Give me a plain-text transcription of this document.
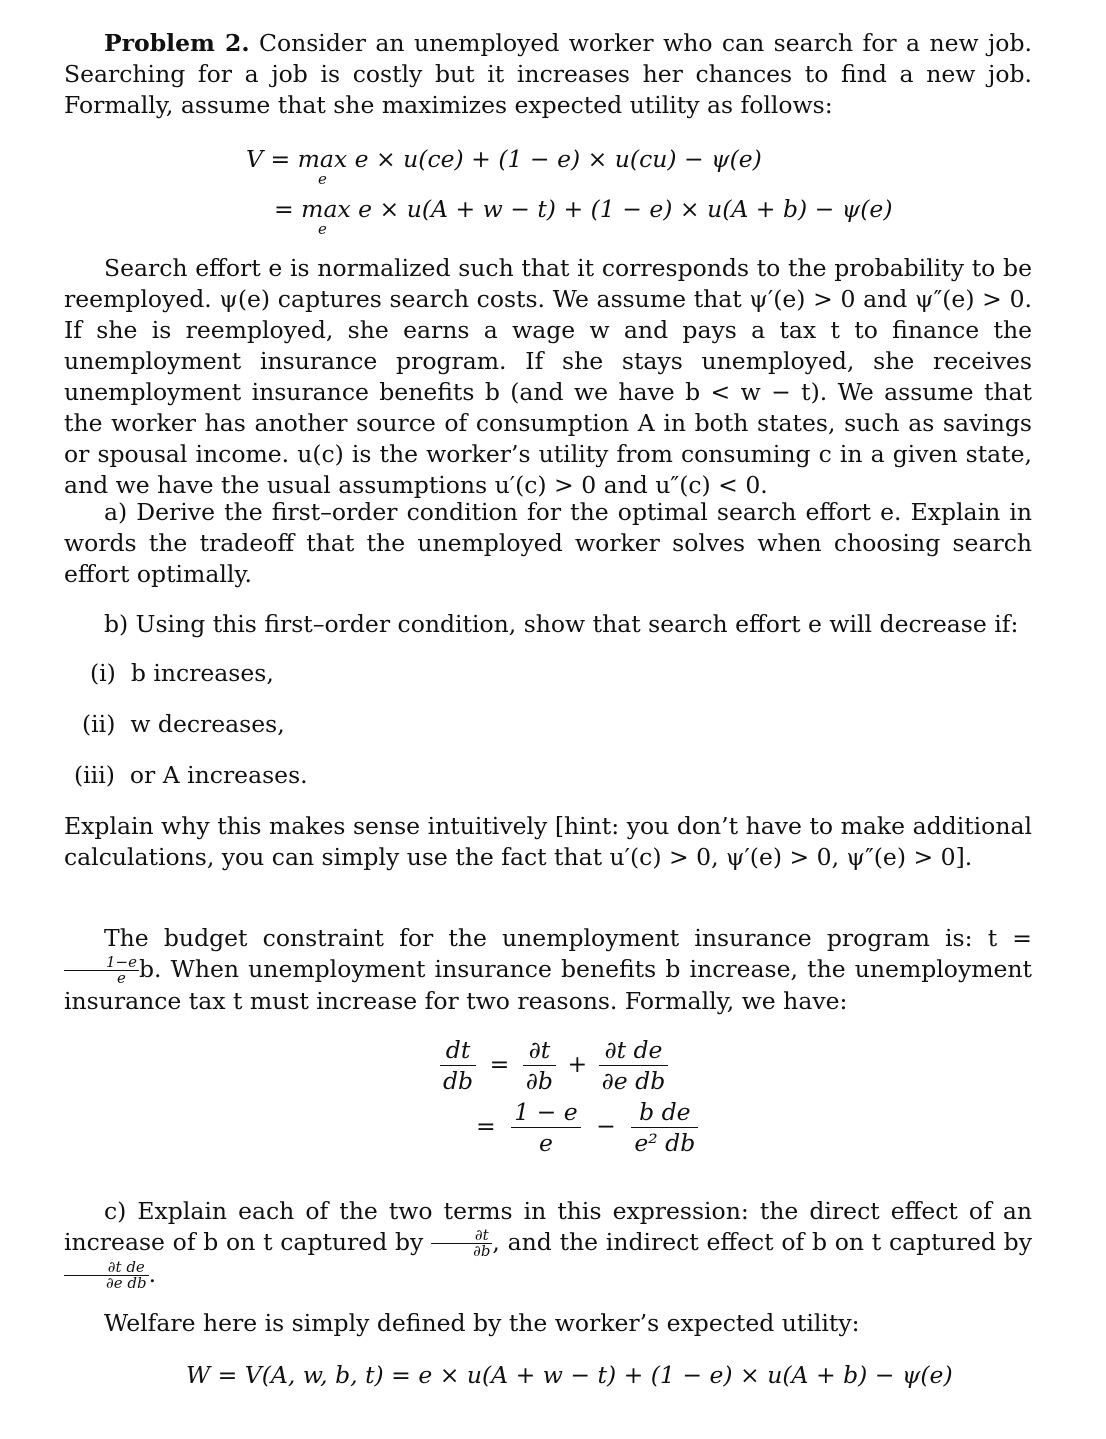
Problem 2. Consider an unemployed worker who can search for a new job. Searching for a job is costly but it increases her chances to find a new job. Formally, assume that she maximizes expected utility as follows:

V = max e × u(ce) + (1 − e) × u(cu) − ψ(e)
e
= max e × u(A + w − t) + (1 − e) × u(A + b) − ψ(e)
e

Search effort e is normalized such that it corresponds to the probability to be reemployed. ψ(e) captures search costs. We assume that ψ′(e) > 0 and ψ″(e) > 0. If she is reemployed, she earns a wage w and pays a tax t to finance the unemployment insurance program. If she stays unemployed, she receives unemployment insurance benefits b (and we have b < w − t). We assume that the worker has another source of consumption A in both states, such as savings or spousal income. u(c) is the worker’s utility from consuming c in a given state, and we have the usual assumptions u′(c) > 0 and u″(c) < 0.

a) Derive the first–order condition for the optimal search effort e. Explain in words the tradeoff that the unemployed worker solves when choosing search effort optimally.

b) Using this first–order condition, show that search effort e will decrease if:
(i) b increases,
(ii) w decreases,
(iii) or A increases.

Explain why this makes sense intuitively [hint: you don’t have to make additional calculations, you can simply use the fact that u′(c) > 0, ψ′(e) > 0, ψ″(e) > 0].

The budget constraint for the unemployment insurance program is: t =
$\frac{1-e}{e} b$. When unemployment insurance benefits b increase, the unemployment insurance tax t must increase for two reasons. Formally, we have:

$\frac{dt}{db} = \frac{\partial t}{\partial b} + \frac{\text{∂t de}}{\text{∂e db}}$
= $\frac{1 - e}{e} - \frac{\text{b de}}{\text{e² db}}$

c) Explain each of the two terms in this expression: the direct effect of an increase of b on t captured by $\frac{\partial t}{\partial b}$ , and the indirect effect of b on t captured by
$\frac{\text{∂t de}}{\text{∂e db}}$ .

Welfare here is simply defined by the worker’s expected utility:
W = V(A, w, b, t) = e × u(A + w − t) + (1 − e) × u(A + b) − ψ(e)
